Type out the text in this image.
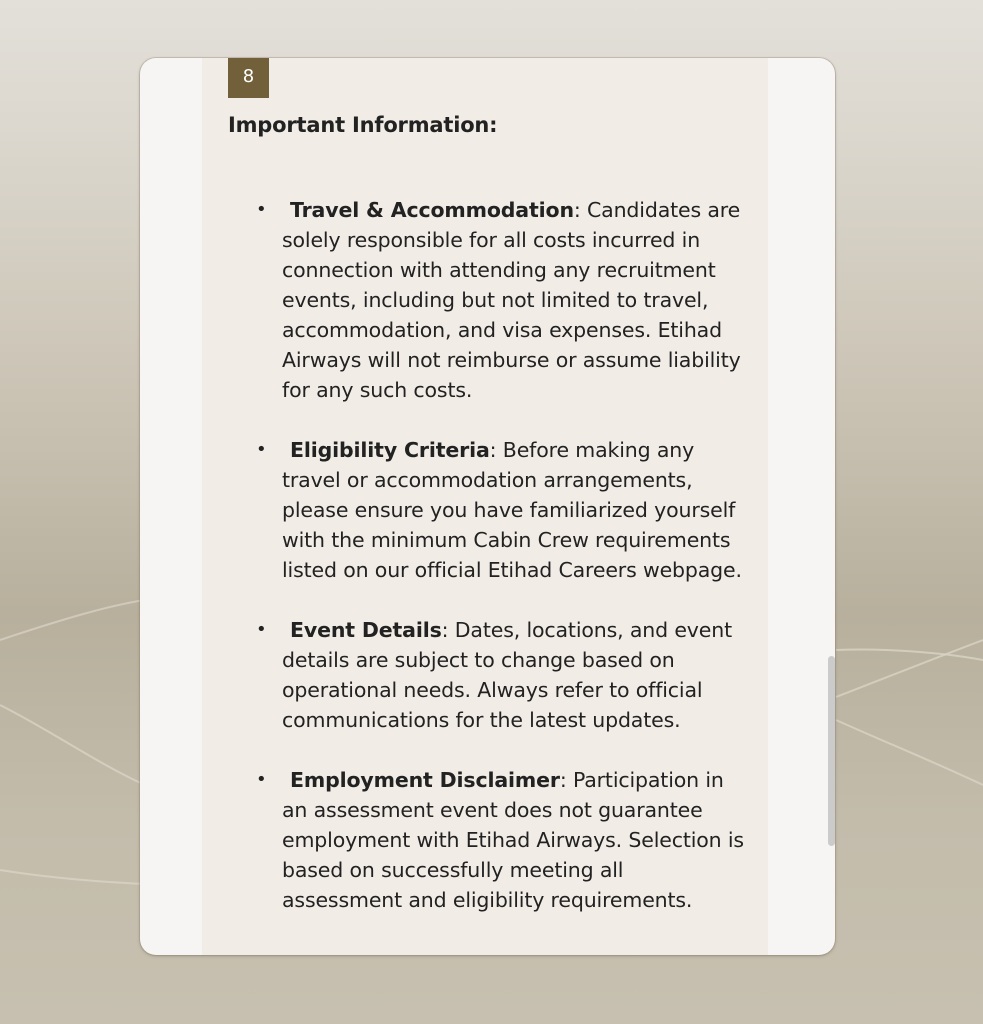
8
Important Information:
• Travel & Accommodation: Candidates are solely responsible for all costs incurred in connection with attending any recruitment events, including but not limited to travel, accommodation, and visa expenses. Etihad Airways will not reimburse or assume liability for any such costs.
• Eligibility Criteria: Before making any travel or accommodation arrangements, please ensure you have familiarized yourself with the minimum Cabin Crew requirements listed on our official Etihad Careers webpage.
• Event Details: Dates, locations, and event details are subject to change based on operational needs. Always refer to official communications for the latest updates.
• Employment Disclaimer: Participation in an assessment event does not guarantee employment with Etihad Airways. Selection is based on successfully meeting all assessment and eligibility requirements.
